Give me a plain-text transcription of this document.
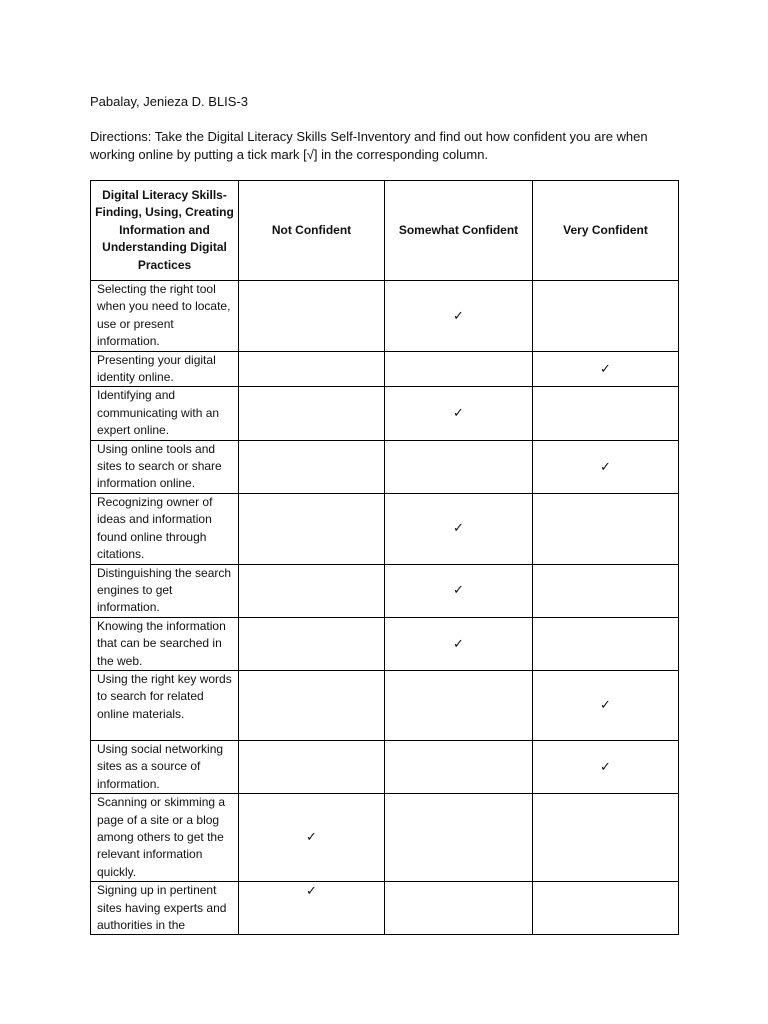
Pabalay, Jenieza D. BLIS-3
Directions: Take the Digital Literacy Skills Self-Inventory and find out how confident you are when working online by putting a tick mark [√] in the corresponding column.
Digital Literacy Skills- Finding, Using, Creating Information and Understanding Digital Practices	Not Confident	Somewhat Confident	Very Confident
Selecting the right tool when you need to locate, use or present information.		✓	
Presenting your digital identity online.			✓
Identifying and communicating with an expert online.		✓	
Using online tools and sites to search or share information online.			✓
Recognizing owner of ideas and information found online through citations.		✓	
Distinguishing the search engines to get information.		✓	
Knowing the information that can be searched in the web.		✓	
Using the right key words to search for related online materials.			✓
Using social networking sites as a source of information.			✓
Scanning or skimming a page of a site or a blog among others to get the relevant information quickly.	✓		
Signing up in pertinent sites having experts and authorities in the	✓		
